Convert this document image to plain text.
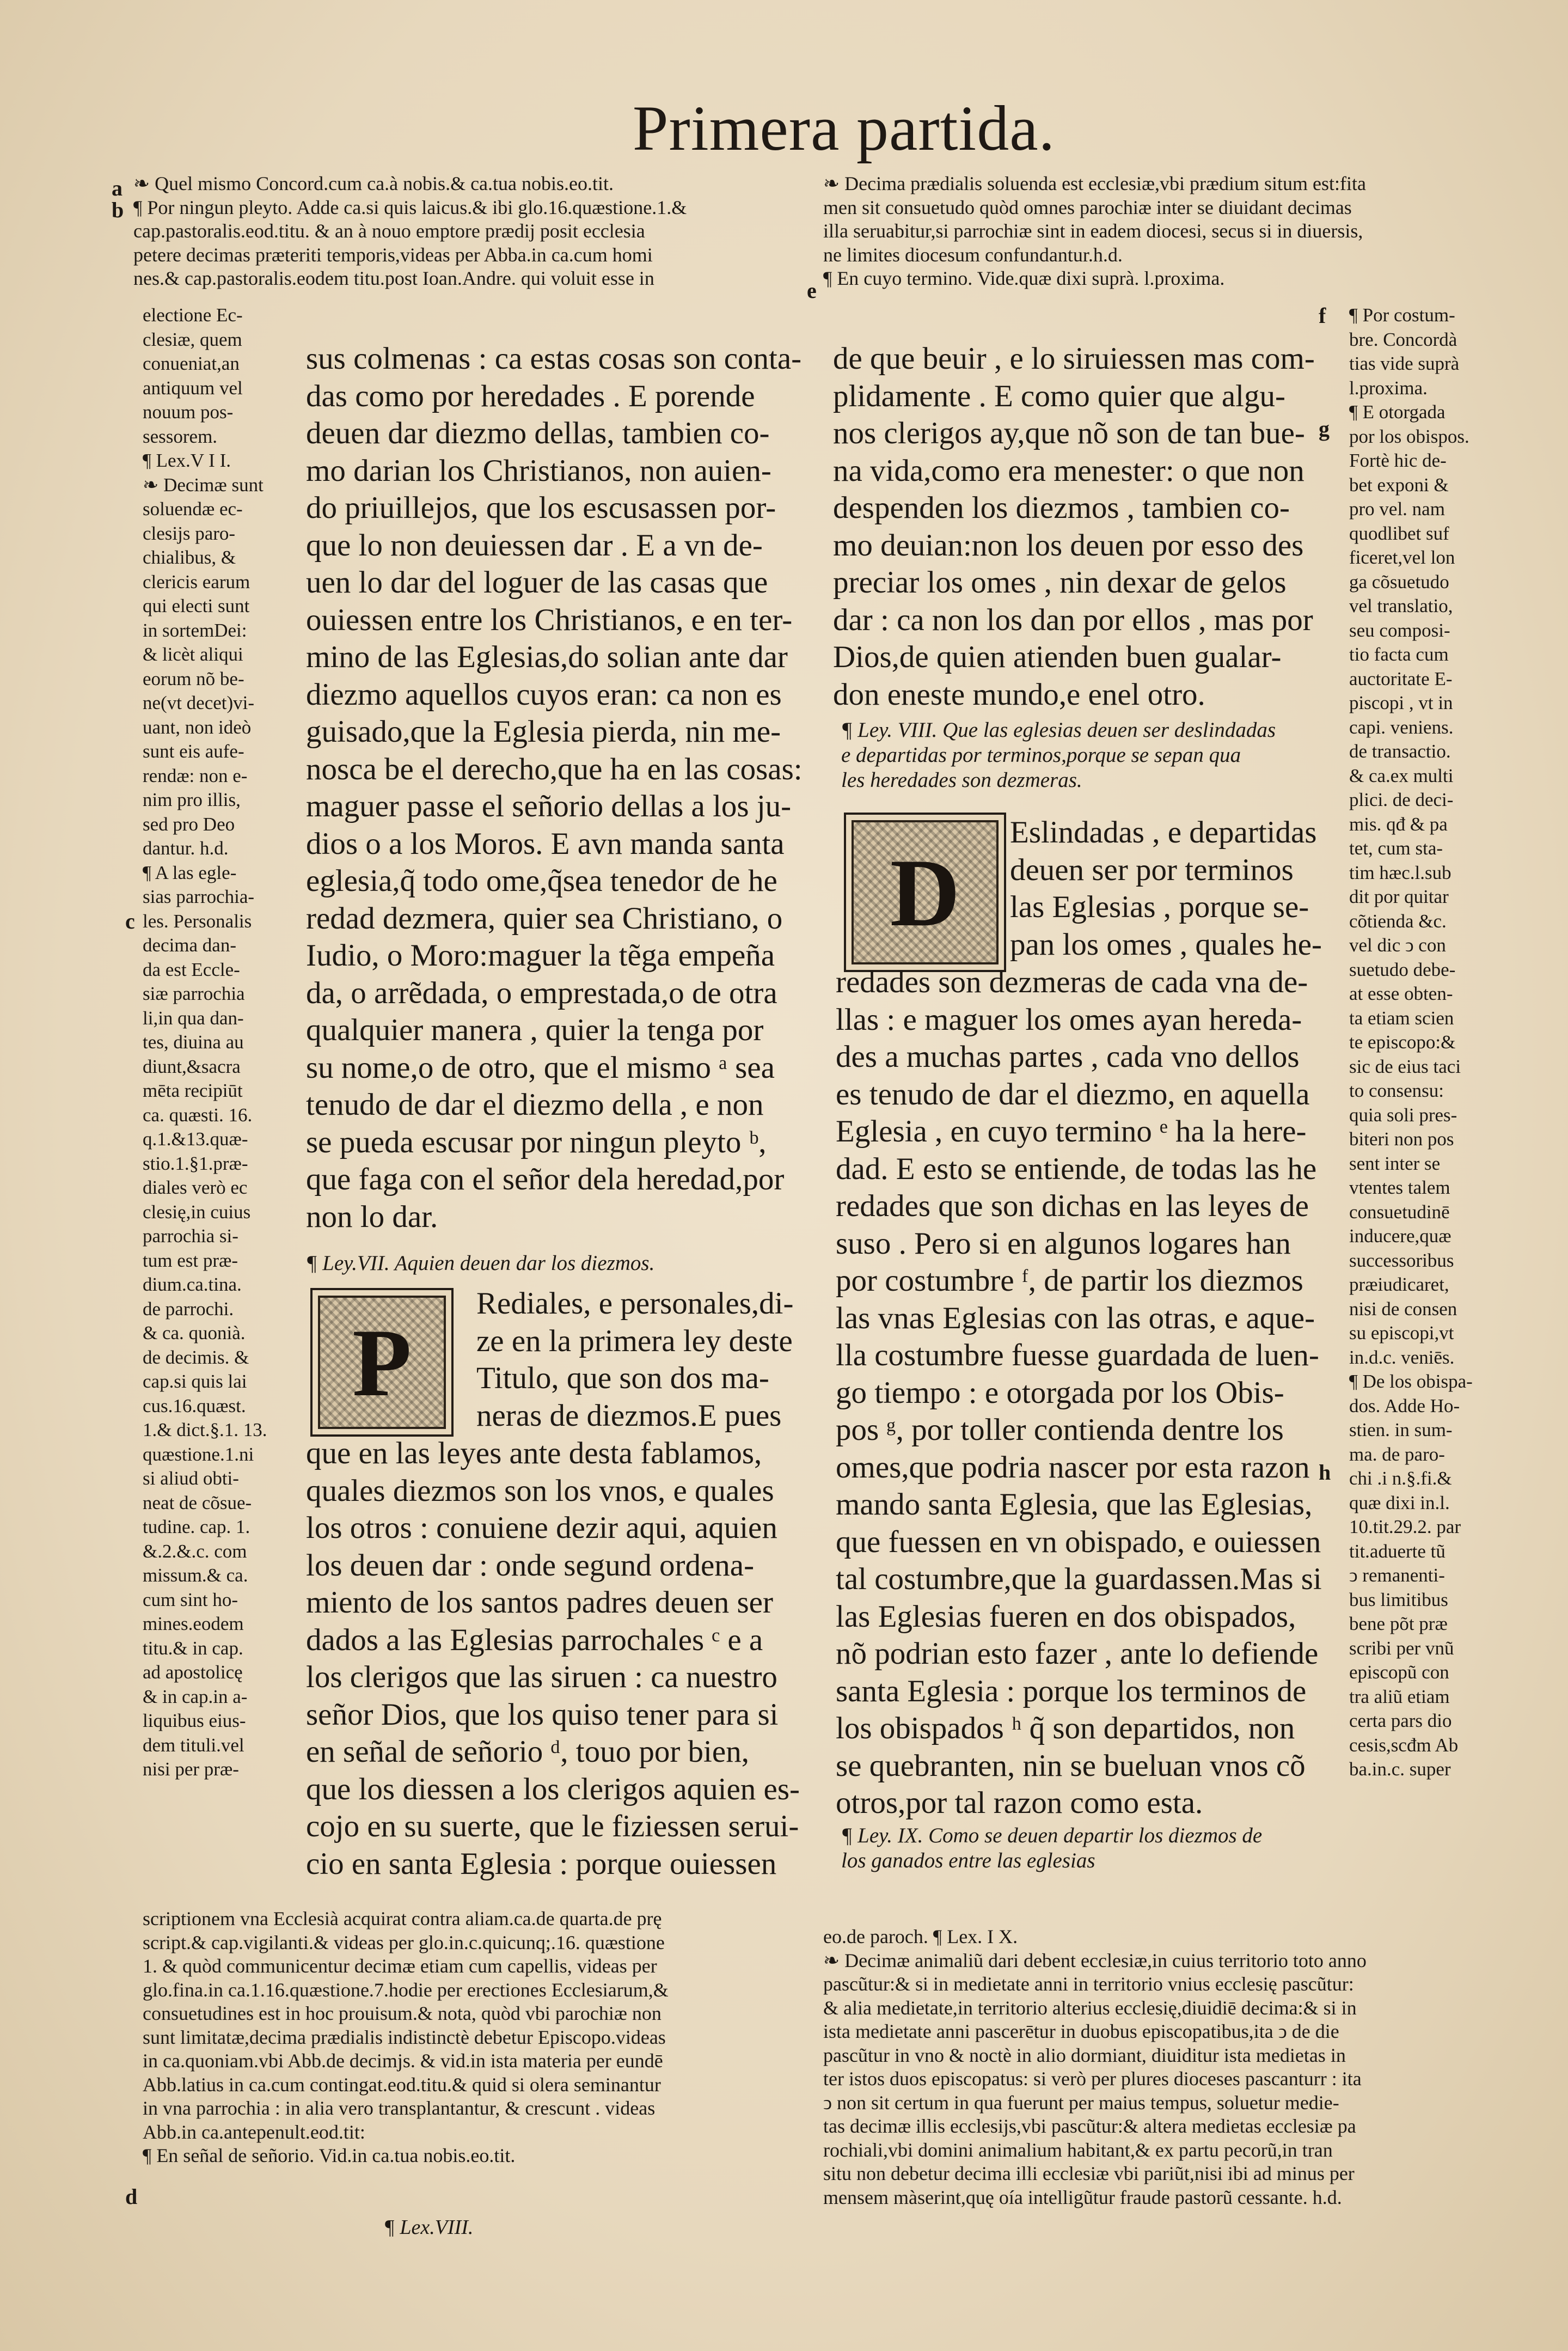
Primera partida.
a
b
c
d
e
f
g
h
❧ Quel mismo Concord.cum ca.à nobis.& ca.tua nobis.eo.tit.
¶ Por ningun pleyto. Adde ca.si quis laicus.& ibi glo.16.quæstione.1.&
cap.pastoralis.eod.titu. & an à nouo emptore prædij posit ecclesia
petere decimas præteriti temporis,videas per Abba.in ca.cum homi
nes.& cap.pastoralis.eodem titu.post Ioan.Andre. qui voluit esse in
❧ Decima prædialis soluenda est ecclesiæ,vbi prædium situm est:fita
men sit consuetudo quòd omnes parochiæ inter se diuidant decimas
illa seruabitur,si parrochiæ sint in eadem diocesi, secus si in diuersis,
ne limites diocesum confundantur.h.d.
¶ En cuyo termino. Vide.quæ dixi suprà. l.proxima.
electione Ec-
clesiæ, quem
conueniat,an
antiquum vel
nouum pos-
sessorem.
¶ Lex.V I I.
❧ Decimæ sunt
soluendæ ec-
clesijs paro-
chialibus, &
clericis earum
qui electi sunt
in sortemDei:
& licèt aliqui
eorum nõ be-
ne(vt decet)vi-
uant, non ideò
sunt eis aufe-
rendæ: non e-
nim pro illis,
sed pro Deo
dantur. h.d.
¶ A las egle-
sias parrochia-
les. Personalis
decima dan-
da est Eccle-
siæ parrochia
li,in qua dan-
tes, diuina au
diunt,&sacra
mēta recipiūt
ca. quæsti. 16.
q.1.&13.quæ-
stio.1.§1.præ-
diales verò ec
clesię,in cuius
parrochia si-
tum est præ-
dium.ca.tina.
de parrochi.
& ca. quonià.
de decimis. &
cap.si quis lai
cus.16.quæst.
1.& dict.§.1. 13.
quæstione.1.ni
si aliud obti-
neat de cõsue-
tudine. cap. 1.
&.2.&.c. com
missum.& ca.
cum sint ho-
mines.eodem
titu.& in cap.
ad apostolicę
& in cap.in a-
liquibus eius-
dem tituli.vel
nisi per præ-
sus colmenas : ca estas cosas son conta-
das como por heredades . E porende
deuen dar diezmo dellas, tambien co-
mo darian los Christianos, non auien-
do priuillejos, que los escusassen por-
que lo non deuiessen dar . E a vn de-
uen lo dar del loguer de las casas que
ouiessen entre los Christianos, e en ter-
mino de las Eglesias,do solian ante dar
diezmo aquellos cuyos eran: ca non es
guisado,que la Eglesia pierda, nin me-
nosca be el derecho,que ha en las cosas:
maguer passe el señorio dellas a los ju-
dios o a los Moros. E avn manda santa
eglesia,q̃ todo ome,q̃sea tenedor de he
redad dezmera, quier sea Christiano, o
Iudio, o Moro:maguer la tẽga empeña
da, o arrẽdada, o emprestada,o de otra
qualquier manera , quier la tenga por
su nome,o de otro, que el mismo ᵃ sea
tenudo de dar el diezmo della , e non
se pueda escusar por ningun pleyto ᵇ,
que faga con el señor dela heredad,por
non lo dar.
¶ Ley.VII. Aquien deuen dar los diezmos.
P
Rediales, e personales,di-
ze en la primera ley deste
Titulo, que son dos ma-
neras de diezmos.E pues
que en las leyes ante desta fablamos,
quales diezmos son los vnos, e quales
los otros : conuiene dezir aqui, aquien
los deuen dar : onde segund ordena-
miento de los santos padres deuen ser
dados a las Eglesias parrochales ᶜ e a
los clerigos que las siruen : ca nuestro
señor Dios, que los quiso tener para si
en señal de señorio ᵈ, touo por bien,
que los diessen a los clerigos aquien es-
cojo en su suerte, que le fiziessen serui-
cio en santa Eglesia : porque ouiessen
de que beuir , e lo siruiessen mas com-
plidamente . E como quier que algu-
nos clerigos ay,que nõ son de tan bue-
na vida,como era menester: o que non
despenden los diezmos , tambien co-
mo deuian:non los deuen por esso des
preciar los omes , nin dexar de gelos
dar : ca non los dan por ellos , mas por
Dios,de quien atienden buen gualar-
don eneste mundo,e enel otro.
¶ Ley. VIII. Que las eglesias deuen ser deslindadas
e departidas por terminos,porque se sepan qua
les heredades son dezmeras.
D
Eslindadas , e departidas
deuen ser por terminos
las Eglesias , porque se-
pan los omes , quales he-
redades son dezmeras de cada vna de-
llas : e maguer los omes ayan hereda-
des a muchas partes , cada vno dellos
es tenudo de dar el diezmo, en aquella
Eglesia , en cuyo termino ᵉ ha la here-
dad. E esto se entiende, de todas las he
redades que son dichas en las leyes de
suso . Pero si en algunos logares han
por costumbre ᶠ, de partir los diezmos
las vnas Eglesias con las otras, e aque-
lla costumbre fuesse guardada de luen-
go tiempo : e otorgada por los Obis-
pos ᵍ, por toller contienda dentre los
omes,que podria nascer por esta razon
mando santa Eglesia, que las Eglesias,
que fuessen en vn obispado, e ouiessen
tal costumbre,que la guardassen.Mas si
las Eglesias fueren en dos obispados,
nõ podrian esto fazer , ante lo defiende
santa Eglesia : porque los terminos de
los obispados ʰ q̃ son departidos, non
se quebranten, nin se bueluan vnos cõ
otros,por tal razon como esta.
¶ Ley. IX. Como se deuen departir los diezmos de
los ganados entre las eglesias
¶ Por costum-
bre. Concordà
tias vide suprà
l.proxima.
¶ E otorgada
por los obispos.
Fortè hic de-
bet exponi &
pro vel. nam
quodlibet suf
ficeret,vel lon
ga cõsuetudo
vel translatio,
seu composi-
tio facta cum
auctoritate E-
piscopi , vt in
capi. veniens.
de transactio.
& ca.ex multi
plici. de deci-
mis. qđ & pa
tet, cum sta-
tim hæc.l.sub
dit por quitar
cõtienda &c.
vel dic ↄ con
suetudo debe-
at esse obten-
ta etiam scien
te episcopo:&
sic de eius taci
to consensu:
quia soli pres-
biteri non pos
sent inter se
vtentes talem
consuetudinē
inducere,quæ
successoribus
præiudicaret,
nisi de consen
su episcopi,vt
in.d.c. veniēs.
¶ De los obispa-
dos. Adde Ho-
stien. in sum-
ma. de paro-
chi .i n.§.fi.&
quæ dixi in.l.
10.tit.29.2. par
tit.aduerte tũ
ↄ remanenti-
bus limitibus
bene põt præ
scribi per vnũ
episcopũ con
tra aliũ etiam
certa pars dio
cesis,scđm Ab
ba.in.c. super
scriptionem vna Ecclesià acquirat contra aliam.ca.de quarta.de prę
script.& cap.vigilanti.& videas per glo.in.c.quicunq;.16. quæstione
1. & quòd communicentur decimæ etiam cum capellis, videas per
glo.fina.in ca.1.16.quæstione.7.hodie per erectiones Ecclesiarum,&
consuetudines est in hoc prouisum.& nota, quòd vbi parochiæ non
sunt limitatæ,decima prædialis indistinctè debetur Episcopo.videas
in ca.quoniam.vbi Abb.de decimjs. & vid.in ista materia per eundē
Abb.latius in ca.cum contingat.eod.titu.& quid si olera seminantur
in vna parrochia : in alia vero transplantantur, & crescunt . videas
Abb.in ca.antepenult.eod.tit:
¶ En señal de señorio. Vid.in ca.tua nobis.eo.tit.
eo.de paroch. ¶ Lex. I X.
❧ Decimæ animaliũ dari debent ecclesiæ,in cuius territorio toto anno
pascũtur:& si in medietate anni in territorio vnius ecclesię pascũtur:
& alia medietate,in territorio alterius ecclesię,diuidiē decima:& si in
ista medietate anni pascerētur in duobus episcopatibus,ita ↄ de die
pascũtur in vno & noctè in alio dormiant, diuiditur ista medietas in
ter istos duos episcopatus: si verò per plures dioceses pascanturr : ita
ↄ non sit certum in qua fuerunt per maius tempus, soluetur medie-
tas decimæ illis ecclesijs,vbi pascũtur:& altera medietas ecclesiæ pa
rochiali,vbi domini animalium habitant,& ex partu pecorũ,in tran
situ non debetur decima illi ecclesiæ vbi pariũt,nisi ibi ad minus per
mensem màserint,quę oía intelligũtur fraude pastorũ cessante. h.d.
¶ Lex.VIII.
